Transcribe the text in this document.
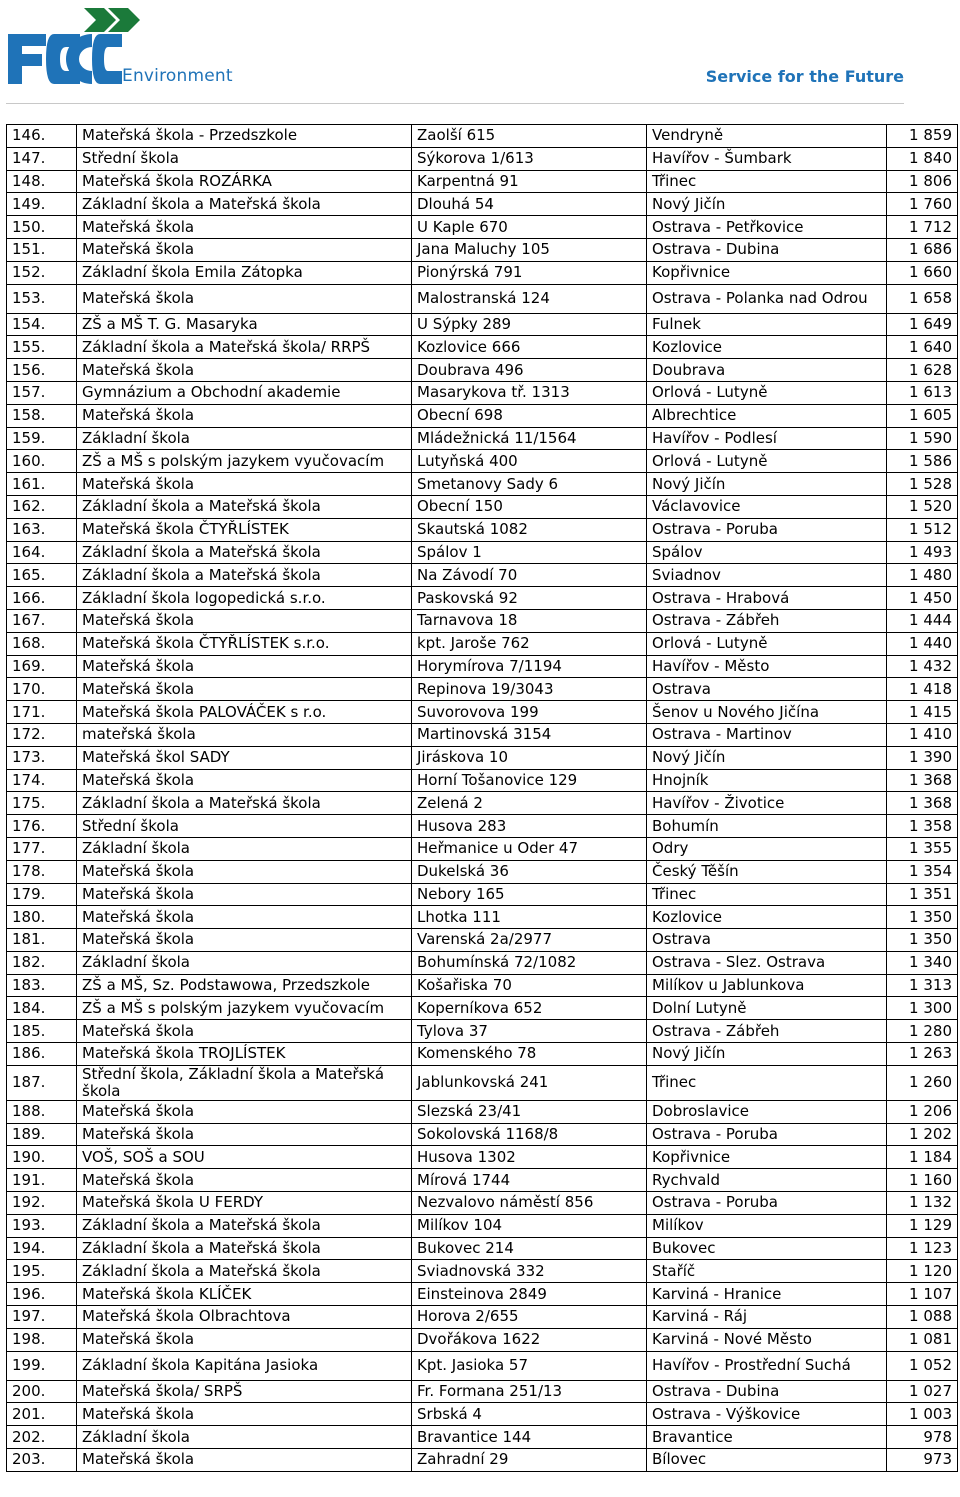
Environment	Service for the Future
146.	Mateřská škola - Przedszkole	Zaolší 615	Vendryně	1 859
147.	Střední škola	Sýkorova 1/613	Havířov - Šumbark	1 840
148.	Mateřská škola ROZÁRKA	Karpentná 91	Třinec	1 806
149.	Základní škola a Mateřská škola	Dlouhá 54	Nový Jičín	1 760
150.	Mateřská škola	U Kaple 670	Ostrava - Petřkovice	1 712
151.	Mateřská škola	Jana Maluchy 105	Ostrava - Dubina	1 686
152.	Základní škola Emila Zátopka	Pionýrská 791	Kopřivnice	1 660
153.	Mateřská škola	Malostranská 124	Ostrava - Polanka nad Odrou	1 658
154.	ZŠ a MŠ T. G. Masaryka	U Sýpky 289	Fulnek	1 649
155.	Základní škola a Mateřská škola/ RRPŠ	Kozlovice 666	Kozlovice	1 640
156.	Mateřská škola	Doubrava 496	Doubrava	1 628
157.	Gymnázium a Obchodní akademie	Masarykova tř. 1313	Orlová - Lutyně	1 613
158.	Mateřská škola	Obecní 698	Albrechtice	1 605
159.	Základní škola	Mládežnická 11/1564	Havířov - Podlesí	1 590
160.	ZŠ a MŠ s polským jazykem vyučovacím	Lutyňská 400	Orlová - Lutyně	1 586
161.	Mateřská škola	Smetanovy Sady 6	Nový Jičín	1 528
162.	Základní škola a Mateřská škola	Obecní 150	Václavovice	1 520
163.	Mateřská škola ČTYŘLÍSTEK	Skautská 1082	Ostrava - Poruba	1 512
164.	Základní škola a Mateřská škola	Spálov 1	Spálov	1 493
165.	Základní škola a Mateřská škola	Na Závodí 70	Sviadnov	1 480
166.	Základní škola logopedická s.r.o.	Paskovská 92	Ostrava - Hrabová	1 450
167.	Mateřská škola	Tarnavova 18	Ostrava - Zábřeh	1 444
168.	Mateřská škola ČTYŘLÍSTEK s.r.o.	kpt. Jaroše 762	Orlová - Lutyně	1 440
169.	Mateřská škola	Horymírova 7/1194	Havířov - Město	1 432
170.	Mateřská škola	Repinova 19/3043	Ostrava	1 418
171.	Mateřská škola PALOVÁČEK s r.o.	Suvorovova 199	Šenov u Nového Jičína	1 415
172.	mateřská škola	Martinovská 3154	Ostrava - Martinov	1 410
173.	Mateřská škol SADY	Jiráskova 10	Nový Jičín	1 390
174.	Mateřská škola	Horní Tošanovice 129	Hnojník	1 368
175.	Základní škola a Mateřská škola	Zelená 2	Havířov - Životice	1 368
176.	Střední škola	Husova 283	Bohumín	1 358
177.	Základní škola	Heřmanice u Oder 47	Odry	1 355
178.	Mateřská škola	Dukelská 36	Český Těšín	1 354
179.	Mateřská škola	Nebory 165	Třinec	1 351
180.	Mateřská škola	Lhotka 111	Kozlovice	1 350
181.	Mateřská škola	Varenská 2a/2977	Ostrava	1 350
182.	Základní škola	Bohumínská 72/1082	Ostrava - Slez. Ostrava	1 340
183.	ZŠ a MŠ, Sz. Podstawowa, Przedszkole	Košařiska 70	Milíkov u Jablunkova	1 313
184.	ZŠ a MŠ s polským jazykem vyučovacím	Koperníkova 652	Dolní Lutyně	1 300
185.	Mateřská škola	Tylova 37	Ostrava - Zábřeh	1 280
186.	Mateřská škola TROJLÍSTEK	Komenského 78	Nový Jičín	1 263
187.	Střední škola, Základní škola a Mateřská škola	Jablunkovská 241	Třinec	1 260
188.	Mateřská škola	Slezská 23/41	Dobroslavice	1 206
189.	Mateřská škola	Sokolovská 1168/8	Ostrava - Poruba	1 202
190.	VOŠ, SOŠ a SOU	Husova 1302	Kopřivnice	1 184
191.	Mateřská škola	Mírová 1744	Rychvald	1 160
192.	Mateřská škola U FERDY	Nezvalovo náměstí 856	Ostrava - Poruba	1 132
193.	Základní škola a Mateřská škola	Milíkov 104	Milíkov	1 129
194.	Základní škola a Mateřská škola	Bukovec 214	Bukovec	1 123
195.	Základní škola a Mateřská škola	Sviadnovská 332	Staříč	1 120
196.	Mateřská škola KLÍČEK	Einsteinova 2849	Karviná - Hranice	1 107
197.	Mateřská škola Olbrachtova	Horova 2/655	Karviná - Ráj	1 088
198.	Mateřská škola	Dvořákova 1622	Karviná - Nové Město	1 081
199.	Základní škola Kapitána Jasioka	Kpt. Jasioka 57	Havířov - Prostřední Suchá	1 052
200.	Mateřská škola/ SRPŠ	Fr. Formana 251/13	Ostrava - Dubina	1 027
201.	Mateřská škola	Srbská 4	Ostrava - Výškovice	1 003
202.	Základní škola	Bravantice 144	Bravantice	978
203.	Mateřská škola	Zahradní 29	Bílovec	973
